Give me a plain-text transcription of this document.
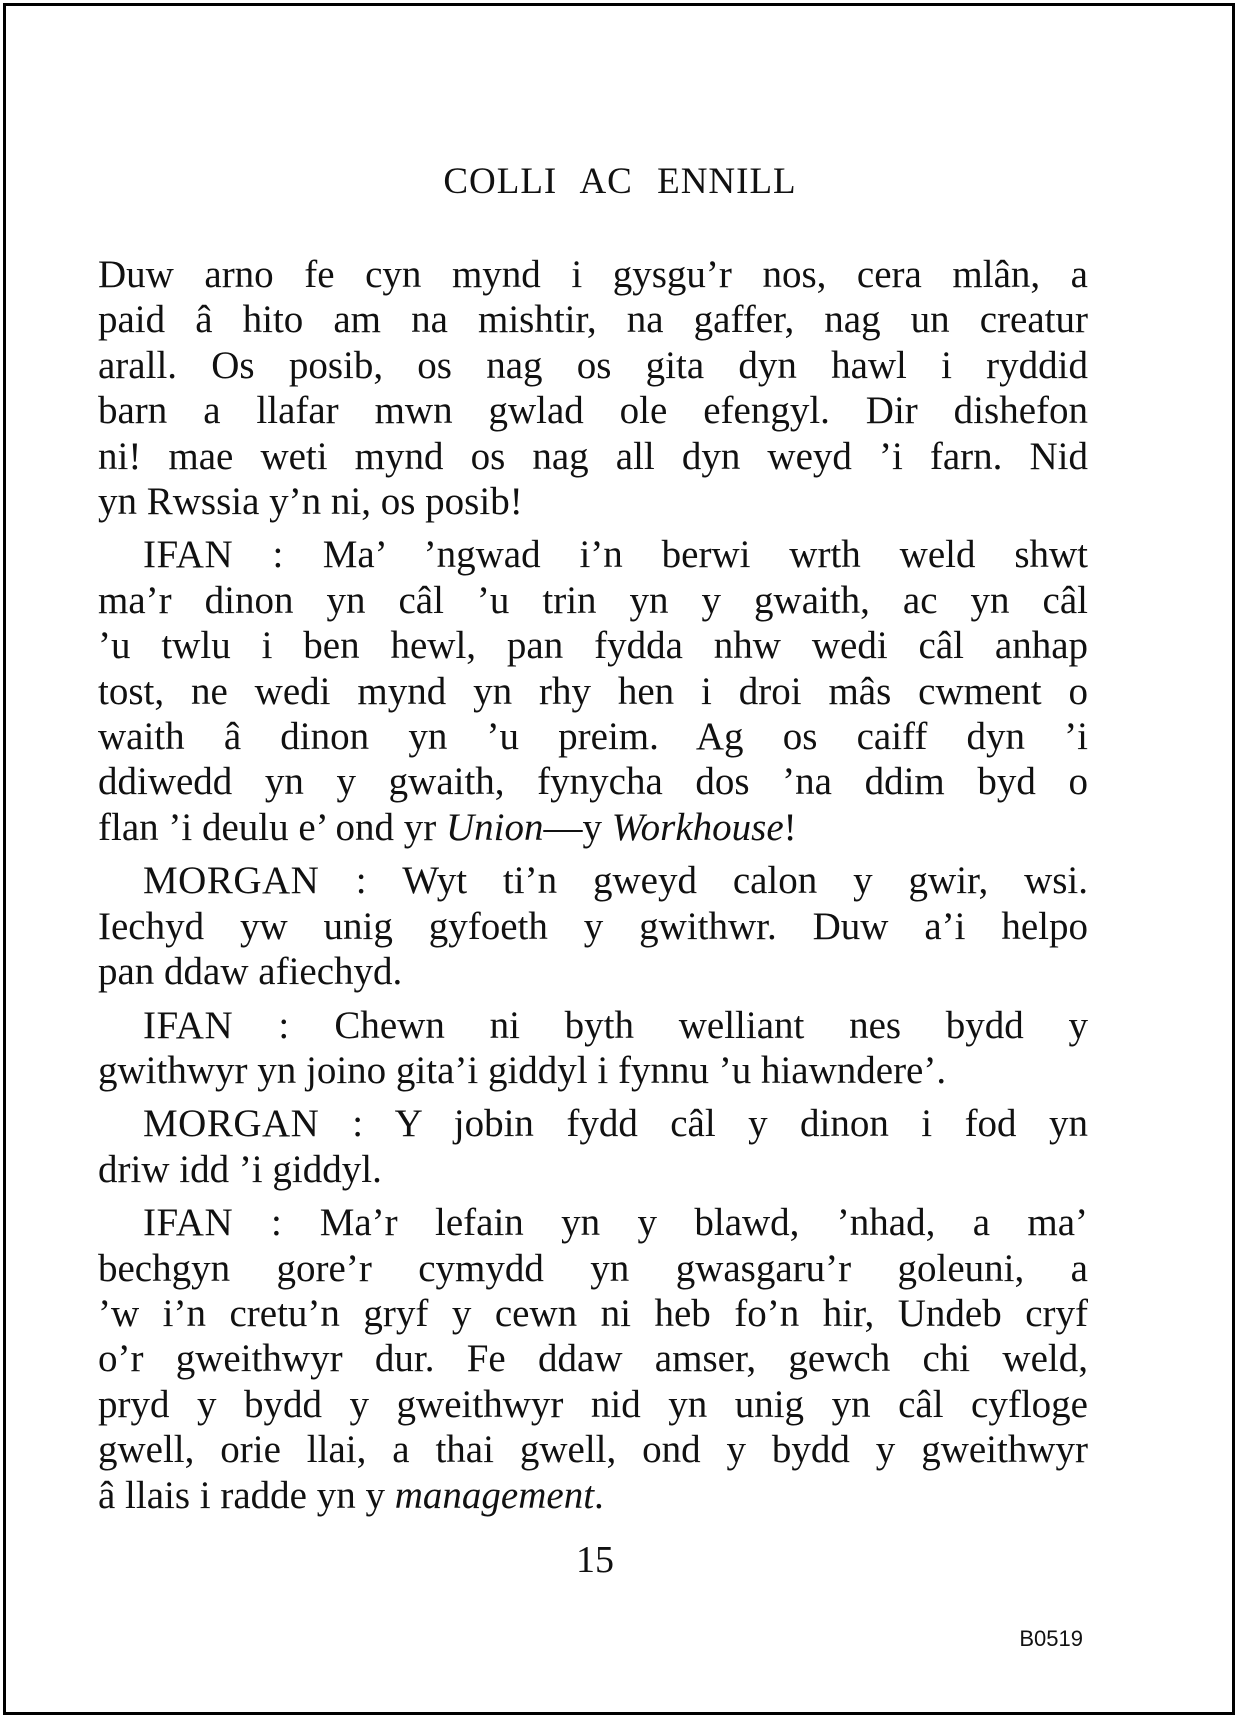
COLLI AC ENNILL
Duw arno fe cyn mynd i gysgu’r nos, cera mlân, a
paid â hito am na mishtir, na gaffer, nag un creatur
arall. Os posib, os nag os gita dyn hawl i ryddid
barn a llafar mwn gwlad ole efengyl. Dir dishefon
ni! mae weti mynd os nag all dyn weyd ’i farn. Nid
yn Rwssia y’n ni, os posib!
IFAN : Ma’ ’ngwad i’n berwi wrth weld shwt
ma’r dinon yn câl ’u trin yn y gwaith, ac yn câl
’u twlu i ben hewl, pan fydda nhw wedi câl anhap
tost, ne wedi mynd yn rhy hen i droi mâs cwment o
waith â dinon yn ’u preim. Ag os caiff dyn ’i
ddiwedd yn y gwaith, fynycha dos ’na ddim byd o
flan ’i deulu e’ ond yr Union—y Workhouse!
MORGAN : Wyt ti’n gweyd calon y gwir, wsi.
Iechyd yw unig gyfoeth y gwithwr. Duw a’i helpo
pan ddaw afiechyd.
IFAN : Chewn ni byth welliant nes bydd y
gwithwyr yn joino gita’i giddyl i fynnu ’u hiawndere’.
MORGAN : Y jobin fydd câl y dinon i fod yn
driw idd ’i giddyl.
IFAN : Ma’r lefain yn y blawd, ’nhad, a ma’
bechgyn gore’r cymydd yn gwasgaru’r goleuni, a
’w i’n cretu’n gryf y cewn ni heb fo’n hir, Undeb cryf
o’r gweithwyr dur. Fe ddaw amser, gewch chi weld,
pryd y bydd y gweithwyr nid yn unig yn câl cyfloge
gwell, orie llai, a thai gwell, ond y bydd y gweithwyr
â llais i radde yn y management.
15
B0519
